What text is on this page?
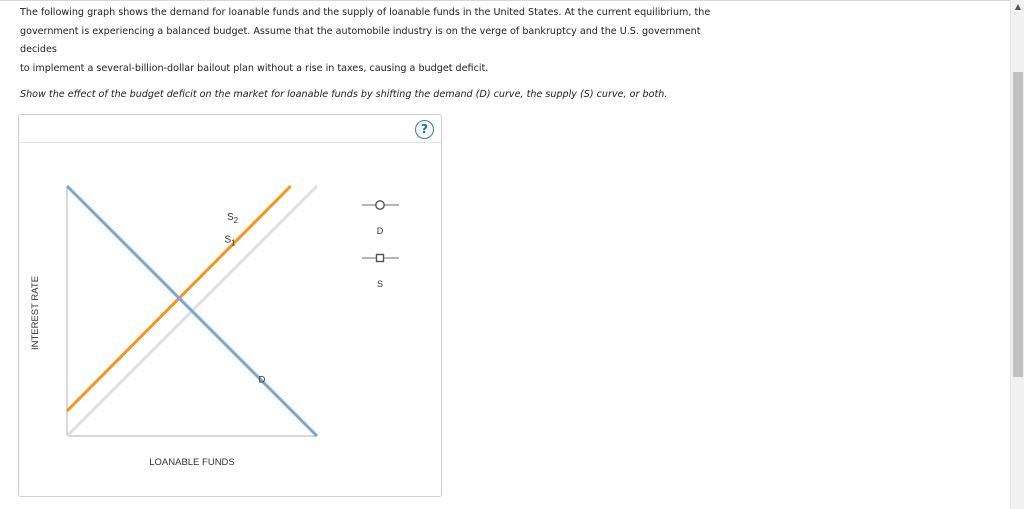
The following graph shows the demand for loanable funds and the supply of loanable funds in the United States. At the current equilibrium, the
government is experiencing a balanced budget. Assume that the automobile industry is on the verge of bankruptcy and the U.S. government decides
to implement a several-billion-dollar bailout plan without a rise in taxes, causing a budget deficit.
Show the effect of the budget deficit on the market for loanable funds by shifting the demand (D) curve, the supply (S) curve, or both.
?
$S_2$
$S_1$
D
LOANABLE FUNDS
INTEREST RATE
D
S
▲
